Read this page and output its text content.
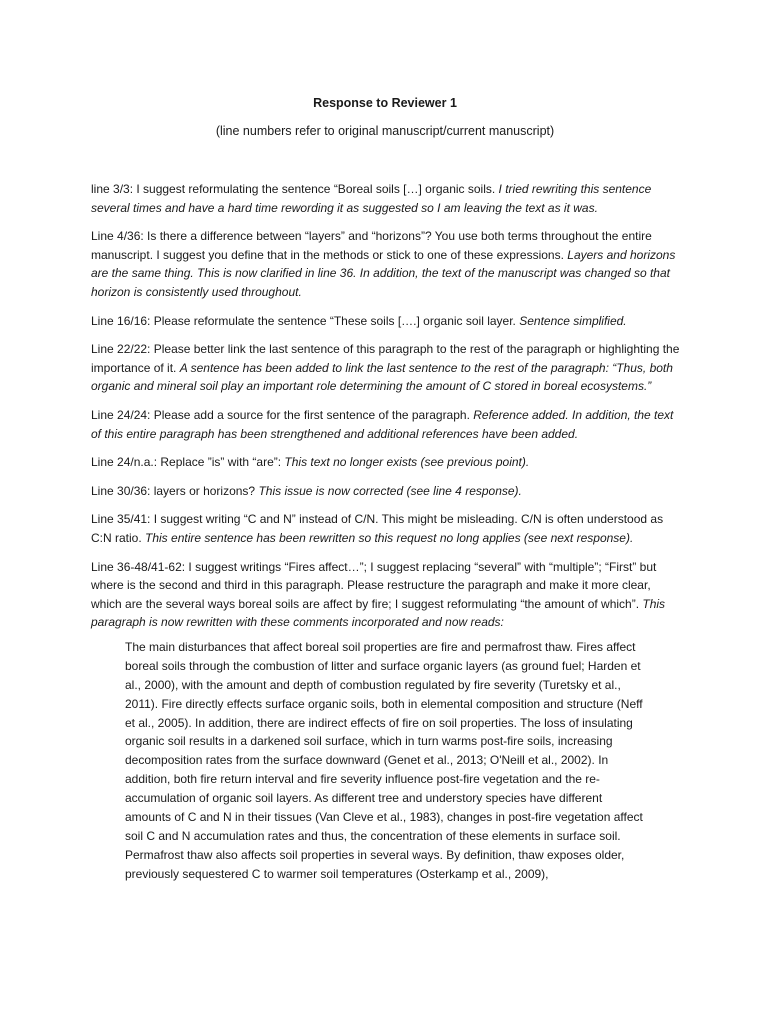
Response to Reviewer 1
(line numbers refer to original manuscript/current manuscript)

line 3/3: I suggest reformulating the sentence “Boreal soils […] organic soils. I tried rewriting this sentence several times and have a hard time rewording it as suggested so I am leaving the text as it was.

Line 4/36: Is there a difference between “layers” and “horizons”? You use both terms throughout the entire manuscript. I suggest you define that in the methods or stick to one of these expressions. Layers and horizons are the same thing. This is now clarified in line 36. In addition, the text of the manuscript was changed so that horizon is consistently used throughout.

Line 16/16: Please reformulate the sentence “These soils [….] organic soil layer. Sentence simplified.

Line 22/22: Please better link the last sentence of this paragraph to the rest of the paragraph or highlighting the importance of it. A sentence has been added to link the last sentence to the rest of the paragraph: “Thus, both organic and mineral soil play an important role determining the amount of C stored in boreal ecosystems.”

Line 24/24: Please add a source for the first sentence of the paragraph. Reference added. In addition, the text of this entire paragraph has been strengthened and additional references have been added.

Line 24/n.a.: Replace ”is” with “are”: This text no longer exists (see previous point).

Line 30/36: layers or horizons? This issue is now corrected (see line 4 response).

Line 35/41: I suggest writing “C and N” instead of C/N. This might be misleading. C/N is often understood as C:N ratio. This entire sentence has been rewritten so this request no long applies (see next response).

Line 36-48/41-62: I suggest writings “Fires affect…”; I suggest replacing “several” with “multiple”; “First” but where is the second and third in this paragraph. Please restructure the paragraph and make it more clear, which are the several ways boreal soils are affect by fire; I suggest reformulating “the amount of which”. This paragraph is now rewritten with these comments incorporated and now reads:

The main disturbances that affect boreal soil properties are fire and permafrost thaw. Fires affect boreal soils through the combustion of litter and surface organic layers (as ground fuel; Harden et al., 2000), with the amount and depth of combustion regulated by fire severity (Turetsky et al., 2011). Fire directly effects surface organic soils, both in elemental composition and structure (Neff et al., 2005). In addition, there are indirect effects of fire on soil properties. The loss of insulating organic soil results in a darkened soil surface, which in turn warms post-fire soils, increasing decomposition rates from the surface downward (Genet et al., 2013; O'Neill et al., 2002). In addition, both fire return interval and fire severity influence post-fire vegetation and the re-accumulation of organic soil layers. As different tree and understory species have different amounts of C and N in their tissues (Van Cleve et al., 1983), changes in post-fire vegetation affect soil C and N accumulation rates and thus, the concentration of these elements in surface soil. Permafrost thaw also affects soil properties in several ways. By definition, thaw exposes older, previously sequestered C to warmer soil temperatures (Osterkamp et al., 2009),
